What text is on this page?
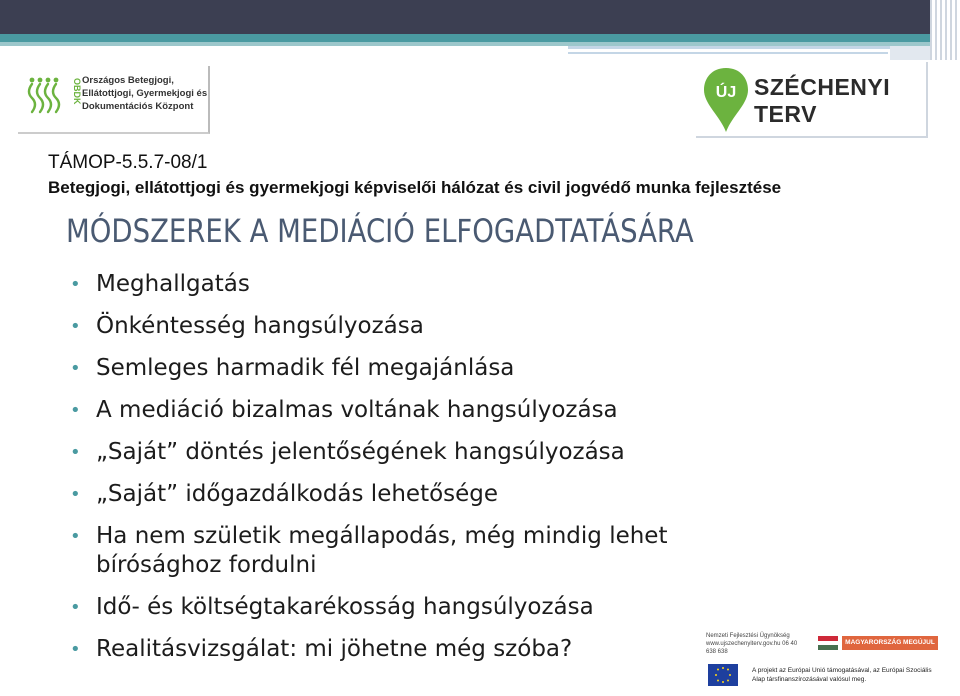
OBDK Országos Betegjogi,
Ellátottjogi, Gyermekjogi és
Dokumentációs Központ
ÚJ SZÉCHENYI TERV
TÁMOP-5.5.7-08/1
Betegjogi, ellátottjogi és gyermekjogi képviselői hálózat és civil jogvédő munka fejlesztése
MÓDSZEREK A MEDIÁCIÓ ELFOGADTATÁSÁRA
• Meghallgatás
• Önkéntesség hangsúlyozása
• Semleges harmadik fél megajánlása
• A mediáció bizalmas voltának hangsúlyozása
• „Saját” döntés jelentőségének hangsúlyozása
• „Saját” időgazdálkodás lehetősége
• Ha nem születik megállapodás, még mindig lehet bírósághoz fordulni
• Idő- és költségtakarékosság hangsúlyozása
• Realitásvizsgálat: mi jöhetne még szóba?	Nemzeti Fejlesztési Ügynökség www.ujszechenyiterv.gov.hu 06 40 638 638
MAGYARORSZÁG MEGÚJUL
A projekt az Európai Unió támogatásával, az Európai Szociális Alap társfinanszírozásával valósul meg.
